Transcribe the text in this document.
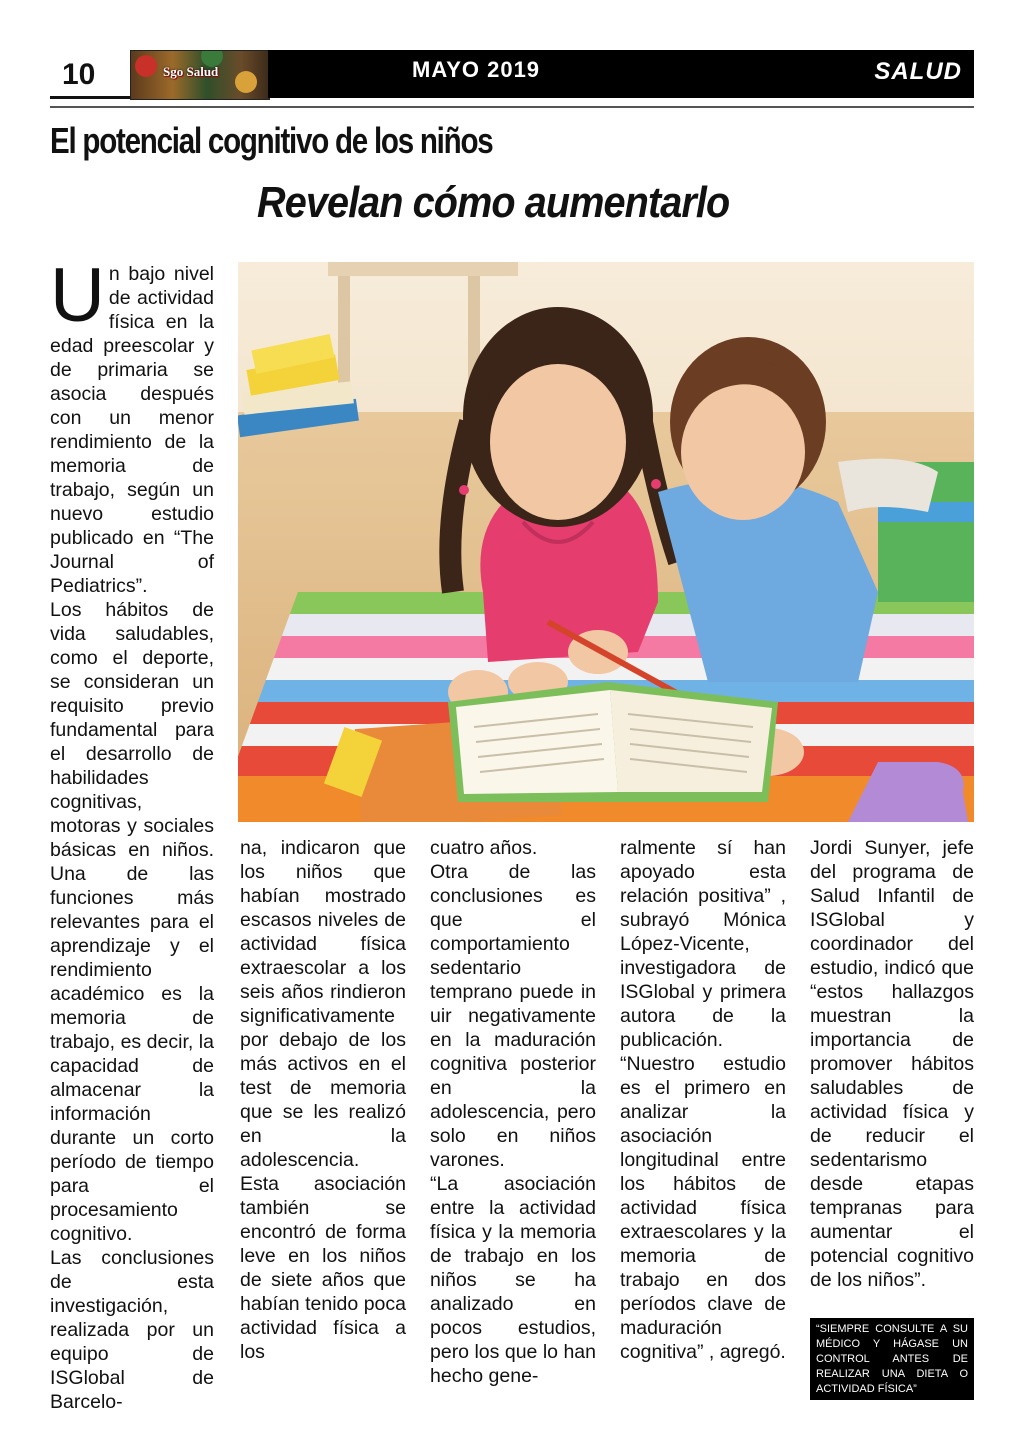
10	Sgo Salud	MAYO 2019	SALUD
El potencial cognitivo de los niños
Revelan cómo aumentarlo

Un bajo nivel de actividad física en la edad preescolar y de primaria se asocia después con un menor rendimiento de la memoria de trabajo, según un nuevo estudio publicado en “The Journal of Pediatrics”.

Los hábitos de vida saludables, como el deporte, se consideran un requisito previo fundamental para el desarrollo de habilidades cognitivas, motoras y sociales básicas en niños. Una de las funciones más relevantes para el aprendizaje y el rendimiento académico es la memoria de trabajo, es decir, la capacidad de almacenar la información durante un corto período de tiempo para el procesamiento cognitivo.

Las conclusiones de esta investigación, realizada por un equipo de ISGlobal de Barcelo-

na, indicaron que los niños que habían mostrado escasos niveles de actividad física extraescolar a los seis años rindieron significativamente por debajo de los más activos en el test de memoria que se les realizó en la adolescencia.

Esta asociación también se encontró de forma leve en los niños de siete años que habían tenido poca actividad física a los

cuatro años.

Otra de las conclusiones es que el comportamiento sedentario temprano puede in uir negativamente en la maduración cognitiva posterior en la adolescencia, pero solo en niños varones.

“La asociación entre la actividad física y la memoria de trabajo en los niños se ha analizado en pocos estudios, pero los que lo han hecho gene-

ralmente sí han apoyado esta relación positiva” , subrayó Mónica López-Vicente, investigadora de ISGlobal y primera autora de la publicación.

“Nuestro estudio es el primero en analizar la asociación longitudinal entre los hábitos de actividad física extraescolares y la memoria de trabajo en dos períodos clave de maduración cognitiva” , agregó.

Jordi Sunyer, jefe del programa de Salud Infantil de ISGlobal y coordinador del estudio, indicó que “estos hallazgos muestran la importancia de promover hábitos saludables de actividad física y de reducir el sedentarismo desde etapas tempranas para aumentar el potencial cognitivo de los niños”.

“SIEMPRE CONSULTE A SU MÉDICO Y HÁGASE UN CONTROL ANTES DE REALIZAR UNA DIETA O ACTIVIDAD FÍSICA”
